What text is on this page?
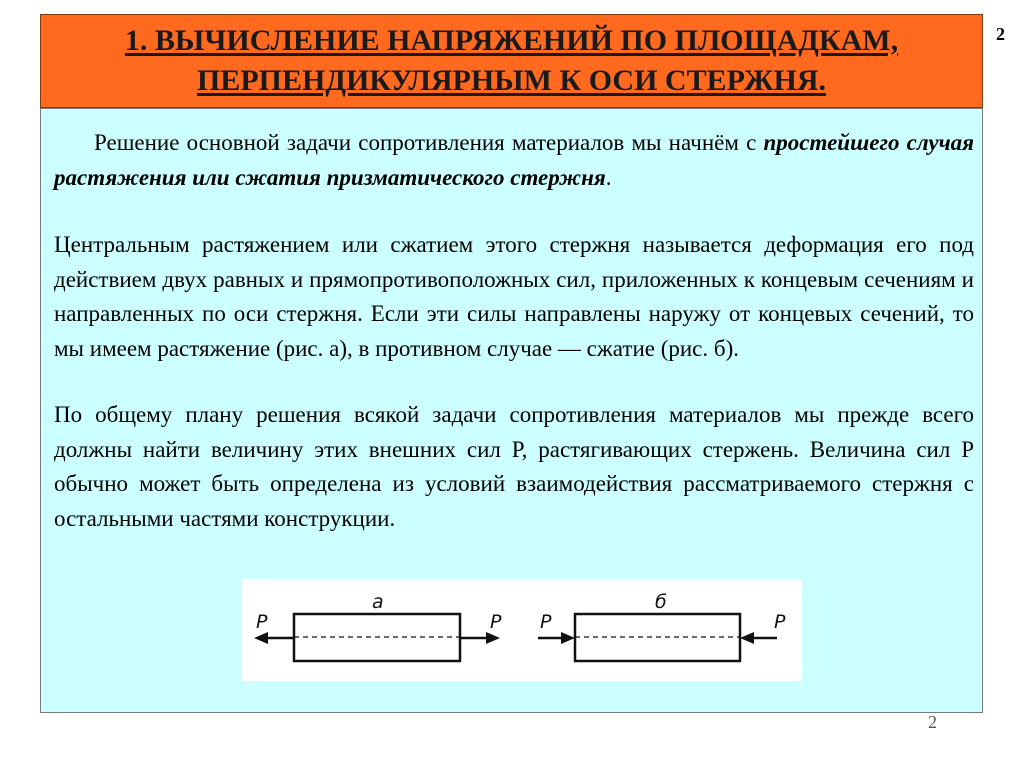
2
1. ВЫЧИСЛЕНИЕ НАПРЯЖЕНИЙ ПО ПЛОЩАДКАМ,
ПЕРПЕНДИКУЛЯРНЫМ К ОСИ СТЕРЖНЯ.

Решение основной задачи сопротивления материалов мы начнём с простейшего случая растяжения или сжатия призматического стержня.

Центральным растяжением или сжатием этого стержня называется деформация его под действием двух равных и прямопротивоположных сил, приложенных к концевым сечениям и направленных по оси стержня. Если эти силы направлены наружу от концевых сечений, то мы имеем растяжение (рис. а), в противном случае — сжатие (рис. б).

По общему плану решения всякой задачи сопротивления материалов мы прежде всего должны найти величину этих внешних сил Р, растягивающих стержень. Величина сил Р обычно может быть определена из условий взаимодействия рассматриваемого стержня с остальными частями конструкции.

а
P	P
б
P	P
2
